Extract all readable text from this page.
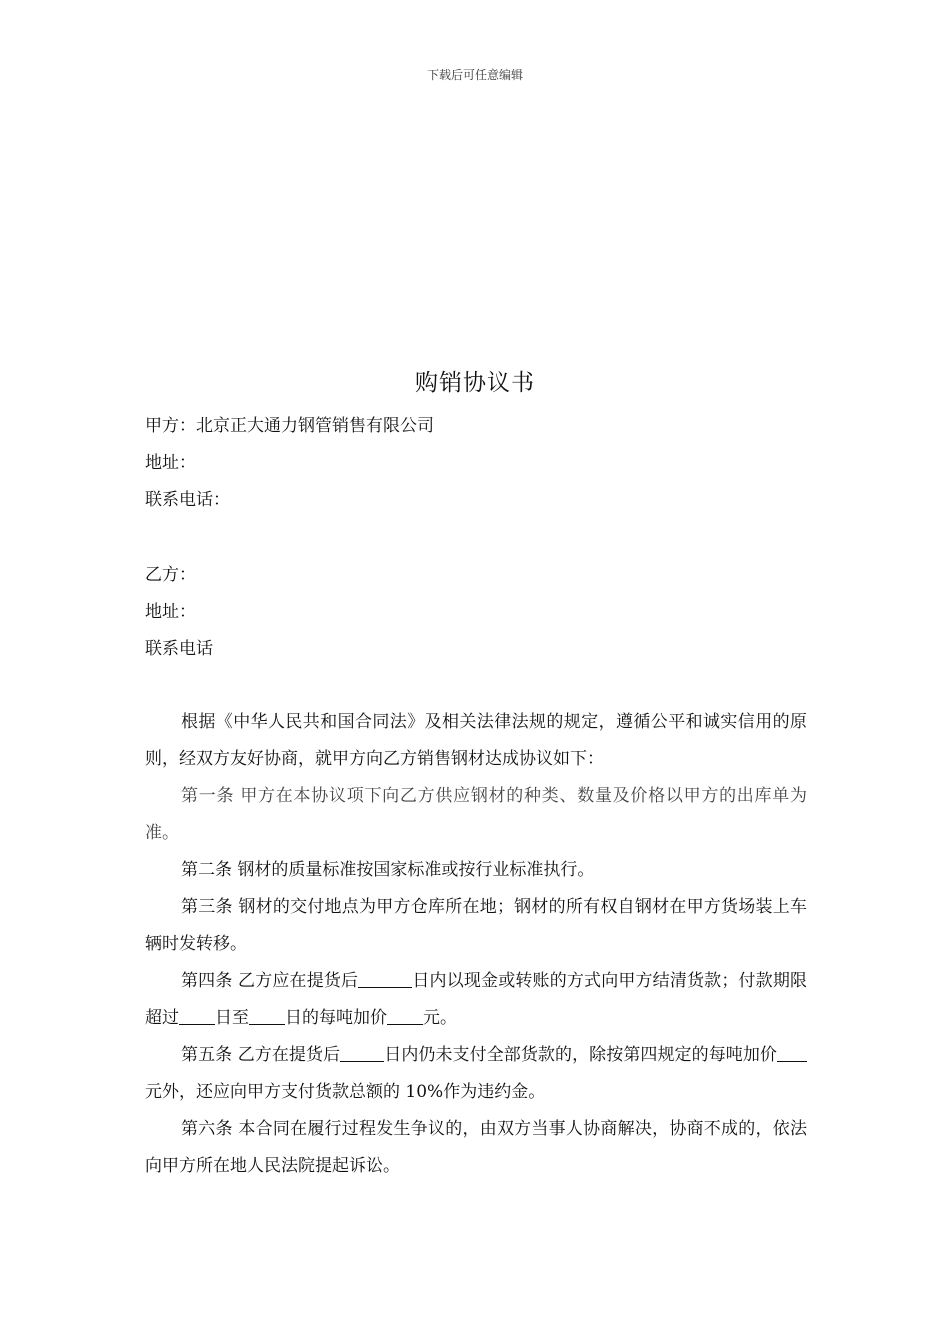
下载后可任意编辑
购销协议书
甲方：北京正大通力钢管销售有限公司
地址：
联系电话：
乙方：
地址：
联系电话
根据《中华人民共和国合同法》及相关法律法规的规定，遵循公平和诚实信用的原则，经双方友好协商，就甲方向乙方销售钢材达成协议如下：
第一条 甲方在本协议项下向乙方供应钢材的种类、数量及价格以甲方的出库单为准。
第二条 钢材的质量标准按国家标准或按行业标准执行。
第三条 钢材的交付地点为甲方仓库所在地；钢材的所有权自钢材在甲方货场装上车辆时发转移。
第四条 乙方应在提货后	日内以现金或转账的方式向甲方结清货款；付款期限超过 日至 日的每吨加价 元。
第五条 乙方在提货后	日内仍未支付全部货款的，除按第四规定的每吨加价元外，还应向甲方支付货款总额的 10%作为违约金。
第六条 本合同在履行过程发生争议的，由双方当事人协商解决，协商不成的，依法向甲方所在地人民法院提起诉讼。
